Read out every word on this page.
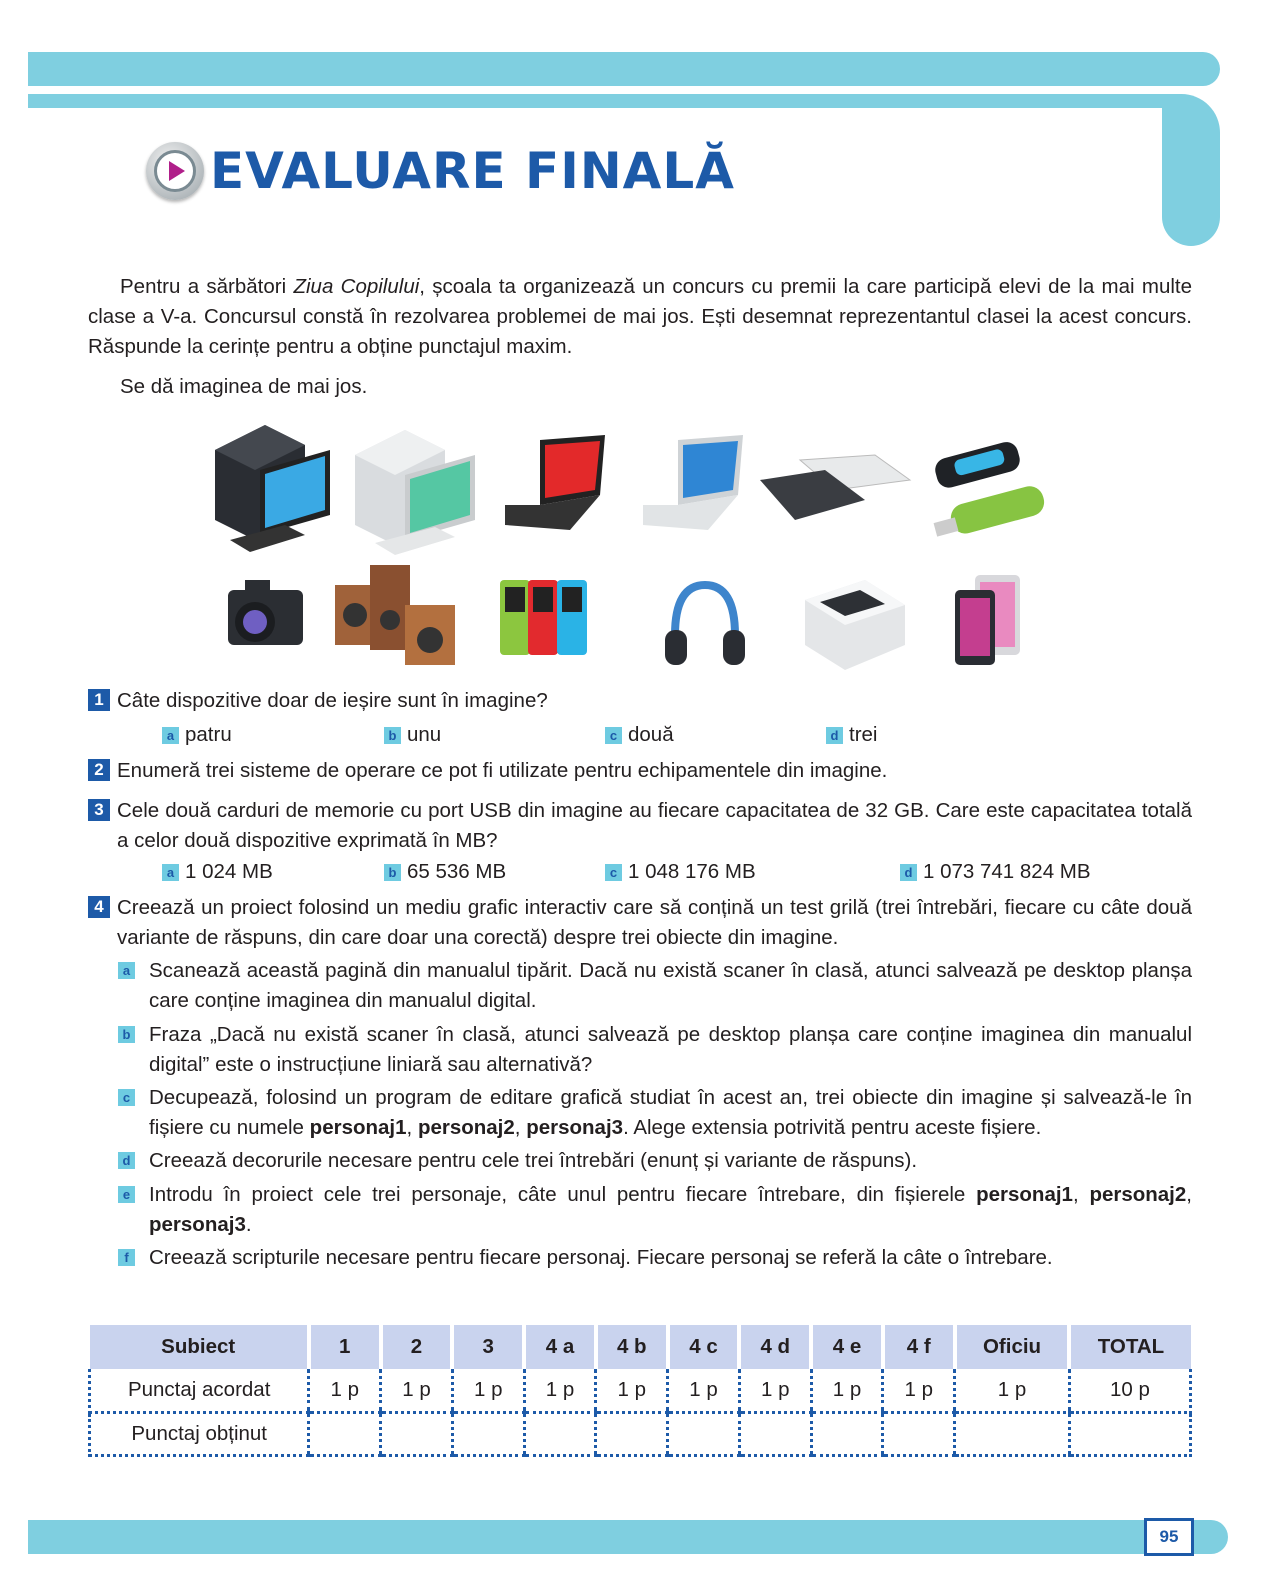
EVALUARE FINALĂ

Pentru a sărbători Ziua Copilului, școala ta organizează un concurs cu premii la care participă elevi de la mai multe clase a V-a. Concursul constă în rezolvarea problemei de mai jos. Ești desemnat reprezentantul clasei la acest concurs. Răspunde la cerințe pentru a obține punctajul maxim.

Se dă imaginea de mai jos.

1 Câte dispozitive doar de ieșire sunt în imagine?

a patru	b unu	c două	d trei
2 Enumeră trei sisteme de operare ce pot fi utilizate pentru echipamentele din imagine.

3 Cele două carduri de memorie cu port USB din imagine au fiecare capacitatea de 32 GB. Care este capacitatea totală a celor două dispozitive exprimată în MB?

a 1 024 MB	b 65 536 MB	c 1 048 176 MB	d 1 073 741 824 MB
4 Creează un proiect folosind un mediu grafic interactiv care să conțină un test grilă (trei întrebări, fiecare cu câte două variante de răspuns, din care doar una corectă) despre trei obiecte din imagine.

a Scanează această pagină din manualul tipărit. Dacă nu există scaner în clasă, atunci salvează pe desktop planșa care conține imaginea din manualul digital.

b Fraza „Dacă nu există scaner în clasă, atunci salvează pe desktop planșa care conține imaginea din manualul digital” este o instrucțiune liniară sau alternativă?

c Decupează, folosind un program de editare grafică studiat în acest an, trei obiecte din imagine și salvează-le în fișiere cu numele personaj1, personaj2, personaj3. Alege extensia potrivită pentru aceste fișiere.

d Creează decorurile necesare pentru cele trei întrebări (enunț și variante de răspuns).

e Introdu în proiect cele trei personaje, câte unul pentru fiecare întrebare, din fișierele personaj1, personaj2, personaj3.

f Creează scripturile necesare pentru fiecare personaj. Fiecare personaj se referă la câte o întrebare.

Subiect	1	2	3	4 a	4 b	4 c	4 d	4 e	4 f	Oficiu	TOTAL
Punctaj acordat	1 p	1 p	1 p	1 p	1 p	1 p	1 p	1 p	1 p	1 p	10 p
Punctaj obținut											
95
